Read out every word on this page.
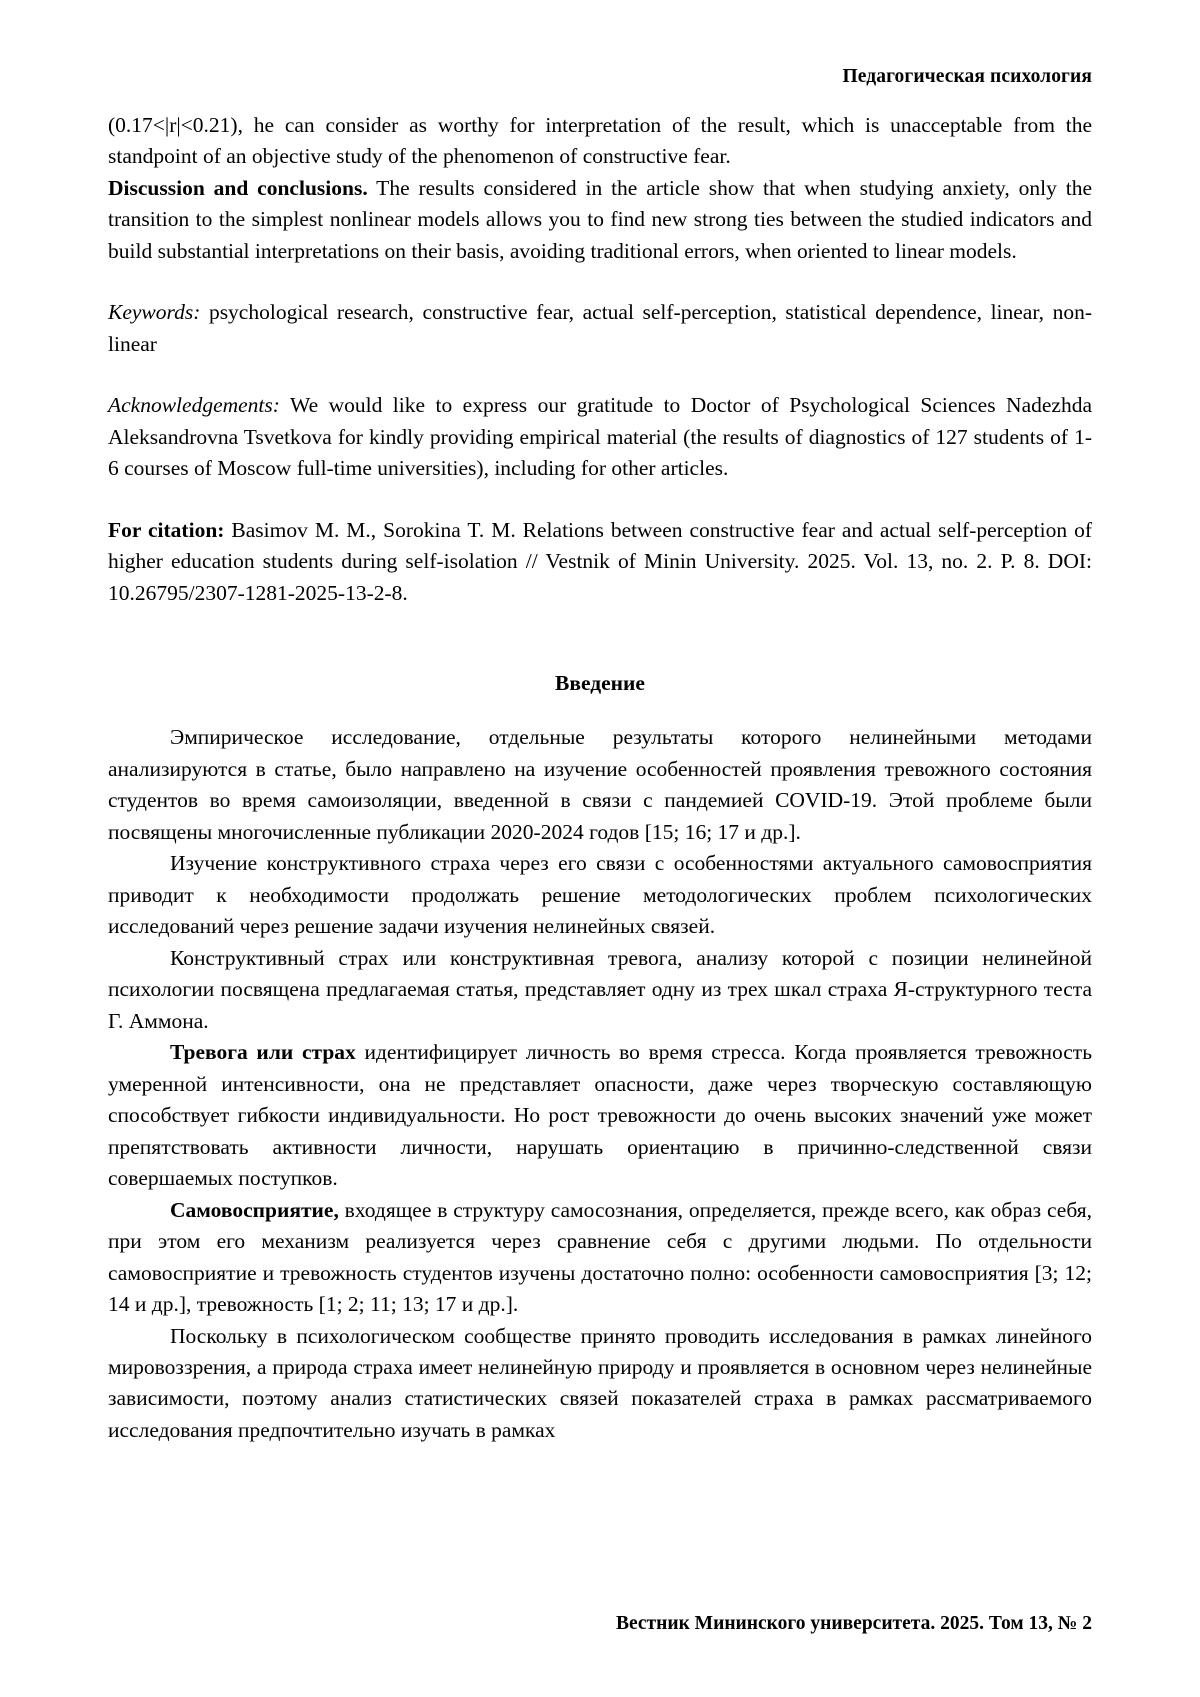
Педагогическая психология

(0.17<|r|<0.21), he can consider as worthy for interpretation of the result, which is unacceptable from the standpoint of an objective study of the phenomenon of constructive fear.

Discussion and conclusions. The results considered in the article show that when studying anxiety, only the transition to the simplest nonlinear models allows you to find new strong ties between the studied indicators and build substantial interpretations on their basis, avoiding traditional errors, when oriented to linear models.

Keywords: psychological research, constructive fear, actual self-perception, statistical dependence, linear, non-linear

Acknowledgements: We would like to express our gratitude to Doctor of Psychological Sciences Nadezhda Aleksandrovna Tsvetkova for kindly providing empirical material (the results of diagnostics of 127 students of 1-6 courses of Moscow full-time universities), including for other articles.

For citation: Basimov M. M., Sorokina T. M. Relations between constructive fear and actual self-perception of higher education students during self-isolation // Vestnik of Minin University. 2025. Vol. 13, no. 2. P. 8. DOI: 10.26795/2307-1281-2025-13-2-8.

Введение

Эмпирическое исследование, отдельные результаты которого нелинейными методами анализируются в статье, было направлено на изучение особенностей проявления тревожного состояния студентов во время самоизоляции, введенной в связи с пандемией COVID-19. Этой проблеме были посвящены многочисленные публикации 2020-2024 годов [15; 16; 17 и др.].

Изучение конструктивного страха через его связи с особенностями актуального самовосприятия приводит к необходимости продолжать решение методологических проблем психологических исследований через решение задачи изучения нелинейных связей.

Конструктивный страх или конструктивная тревога, анализу которой с позиции нелинейной психологии посвящена предлагаемая статья, представляет одну из трех шкал страха Я-структурного теста Г. Аммона.

Тревога или страх идентифицирует личность во время стресса. Когда проявляется тревожность умеренной интенсивности, она не представляет опасности, даже через творческую составляющую способствует гибкости индивидуальности. Но рост тревожности до очень высоких значений уже может препятствовать активности личности, нарушать ориентацию в причинно-следственной связи совершаемых поступков.

Самовосприятие, входящее в структуру самосознания, определяется, прежде всего, как образ себя, при этом его механизм реализуется через сравнение себя с другими людьми. По отдельности самовосприятие и тревожность студентов изучены достаточно полно: особенности самовосприятия [3; 12; 14 и др.], тревожность [1; 2; 11; 13; 17 и др.].

Поскольку в психологическом сообществе принято проводить исследования в рамках линейного мировоззрения, а природа страха имеет нелинейную природу и проявляется в основном через нелинейные зависимости, поэтому анализ статистических связей показателей страха в рамках рассматриваемого исследования предпочтительно изучать в рамках

Вестник Мининского университета. 2025. Том 13, № 2
